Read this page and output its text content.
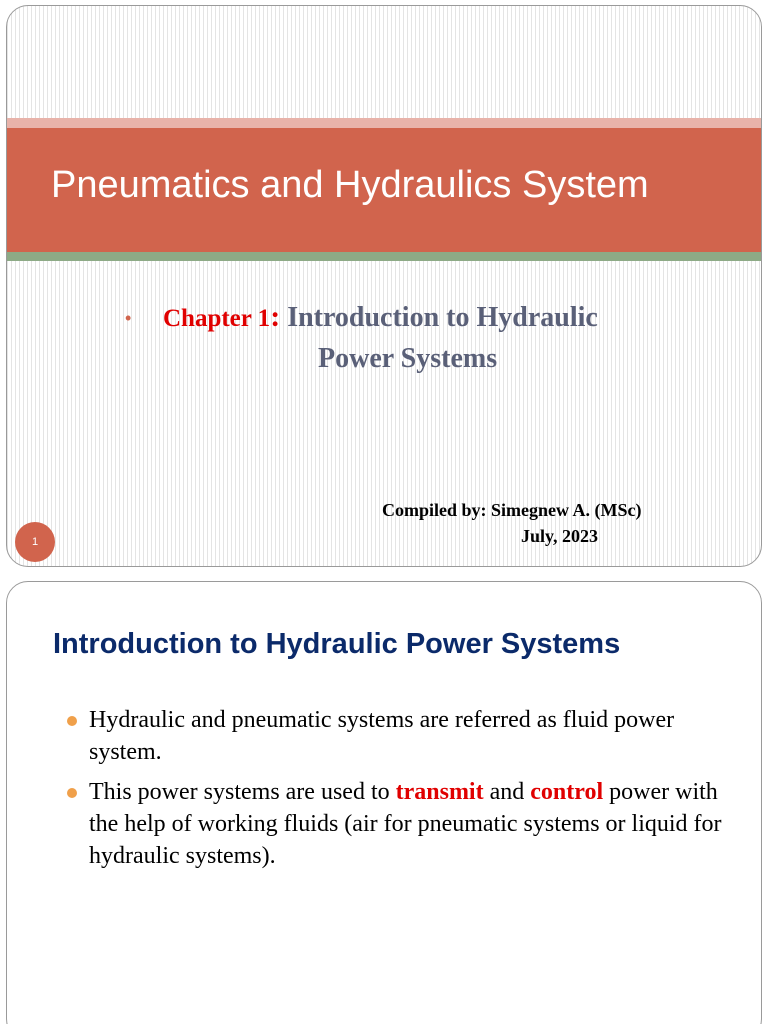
Pneumatics and Hydraulics System
• Chapter 1: Introduction to Hydraulic
Power Systems
Compiled by: Simegnew A. (MSc)
July, 2023
1
Introduction to Hydraulic Power Systems
Hydraulic and pneumatic systems are referred as fluid power system.
This power systems are used to transmit and control power with the help of working fluids (air for pneumatic systems or liquid for hydraulic systems).
